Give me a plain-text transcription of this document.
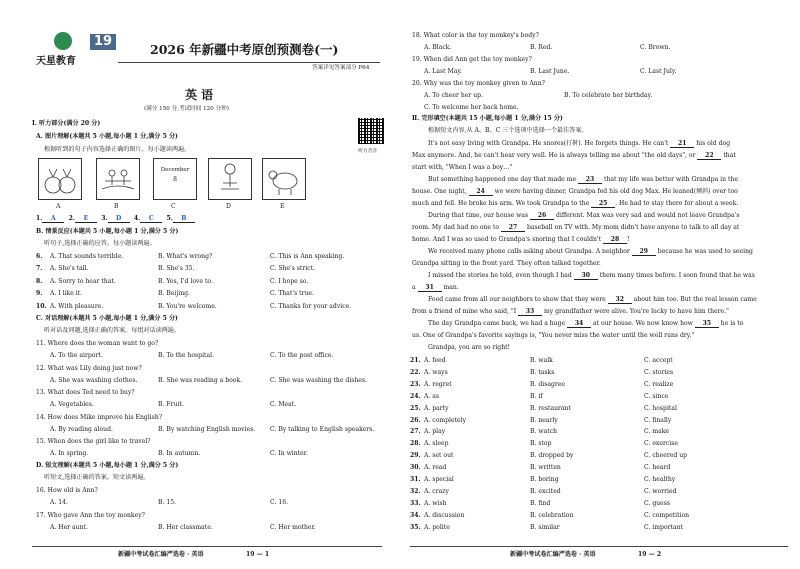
天星教育
19
2026 年新疆中考原创预测卷(一)
答案详见答案部分 P64
英 语
(满分 150 分,考试时间 120 分钟)
听力音音
Ⅰ. 听力部分(满分 20 分)
A. 图片理解(本题共 5 小题,每小题 1 分,满分 5 分)
根据听到的句子内容选择正确的图片。每小题读两遍。
December
8
A	B	C	D	E
1. A 2. E 3. D 4. C 5. B
B. 情景反应(本题共 5 小题,每小题 1 分,满分 5 分)
听句子,选择正确的应答。每小题读两遍。
C. 对话理解(本题共 5 小题,每小题 1 分,满分 5 分)
听对话及问题,选择正确的答案。每组对话读两遍。
D. 短文理解(本题共 5 小题,每小题 1 分,满分 5 分)
听短文,选择正确的答案。短文读两遍。
新疆中考试卷汇编严选卷 · 英语	19 — 1
6. A. That sounds terrible.	B. What's wrong?	C. This is Ann speaking.
7. A. She's tall.	B. She's 35.	C. She's strict.
8. A. Sorry to hear that.	B. Yes, I'd love to.	C. I hope so.
9. A. I like it.	B. Beijing.	C. That's true.
10. A. With pleasure.	B. You're welcome.	C. Thanks for your advice.
11. Where does the woman want to go?
A. To the airport.	B. To the hospital.	C. To the post office.
12. What was Lily doing just now?
A. She was washing clothes.	B. She was reading a book.	C. She was washing the dishes.
13. What does Ted need to buy?
A. Vegetables.	B. Fruit.	C. Meat.
14. How does Mike improve his English?
A. By reading aloud.	B. By watching English movies. C. By talking to English speakers.
15. When does the girl like to travel?
A. In spring.	B. In autumn.	C. In winter.
16. How old is Ann?
A. 14.	B. 15.	C. 16.
17. Who gave Ann the toy monkey?
A. Her aunt.	B. Her classmate.	C. Her mother.
20. Why was the toy monkey given to Ann?
A. To cheer her up.	B. To celebrate her birthday.
C. To welcome her back home.
Ⅱ. 完形填空(本题共 15 小题,每小题 1 分,满分 15 分)
根据短文内容,从 A、B、C 三个选项中选择一个最佳答案。
It's not easy living with Grandpa. He snores(打鼾). He forgets things. He can't 21 his old dog
Max anymore. And, he can't hear very well. He is always telling me about "the old days", or 22 that
start with, "When I was a boy…"
But something happened one day that made me 23 that my life was better with Grandpa in the
house. One night, 24 we were having dinner, Grandpa fed his old dog Max. He leaned(倾斜) over too
much and fell. He broke his arm. We took Grandpa to the 25 . He had to stay there for about a week.
During that time, our house was 26 different. Max was very sad and would not leave Grandpa's
room. My dad had no one to 27 baseball on TV with. My mom didn't have anyone to talk to all day at
home. And I was so used to Grandpa's snoring that I couldn't 28 !
We received many phone calls asking about Grandpa. A neighbor 29 because he was used to seeing
Grandpa sitting in the front yard. They often talked together.
I missed the stories he told, even though I had 30 them many times before. I soon found that he was
a 31 man.
Food came from all our neighbors to show that they were 32 about him too. But the real lesson came
from a friend of mine who said, "I 33 my grandfather were alive. You're lucky to have him there."
The day Grandpa came back, we had a huge 34 at our house. We now know how 35 he is to
us. One of Grandpa's favorite sayings is, "You never miss the water until the well runs dry."
Grandpa, you are so right!
新疆中考试卷汇编严选卷 · 英语	19 — 2
18. What color is the toy monkey's body?
A. Black.	B. Red.	C. Brown.
19. When did Ann get the toy monkey?
A. Last May.	B. Last June.	C. Last July.
21. A. feed	B. walk	C. accept
22. A. ways	B. tasks	C. stories
23. A. regret	B. disagree	C. realize
24. A. as	B. if	C. since
25. A. party	B. restaurant	C. hospital
26. A. completely	B. nearly	C. finally
27. A. play	B. watch	C. make
28. A. sleep	B. stop	C. exercise
29. A. set out	B. dropped by	C. cheered up
30. A. read	B. written	C. heard
31. A. special	B. boring	C. healthy
32. A. crazy	B. excited	C. worried
33. A. wish	B. find	C. guess
34. A. discussion	B. celebration	C. competition
35. A. polite	B. similar	C. important
